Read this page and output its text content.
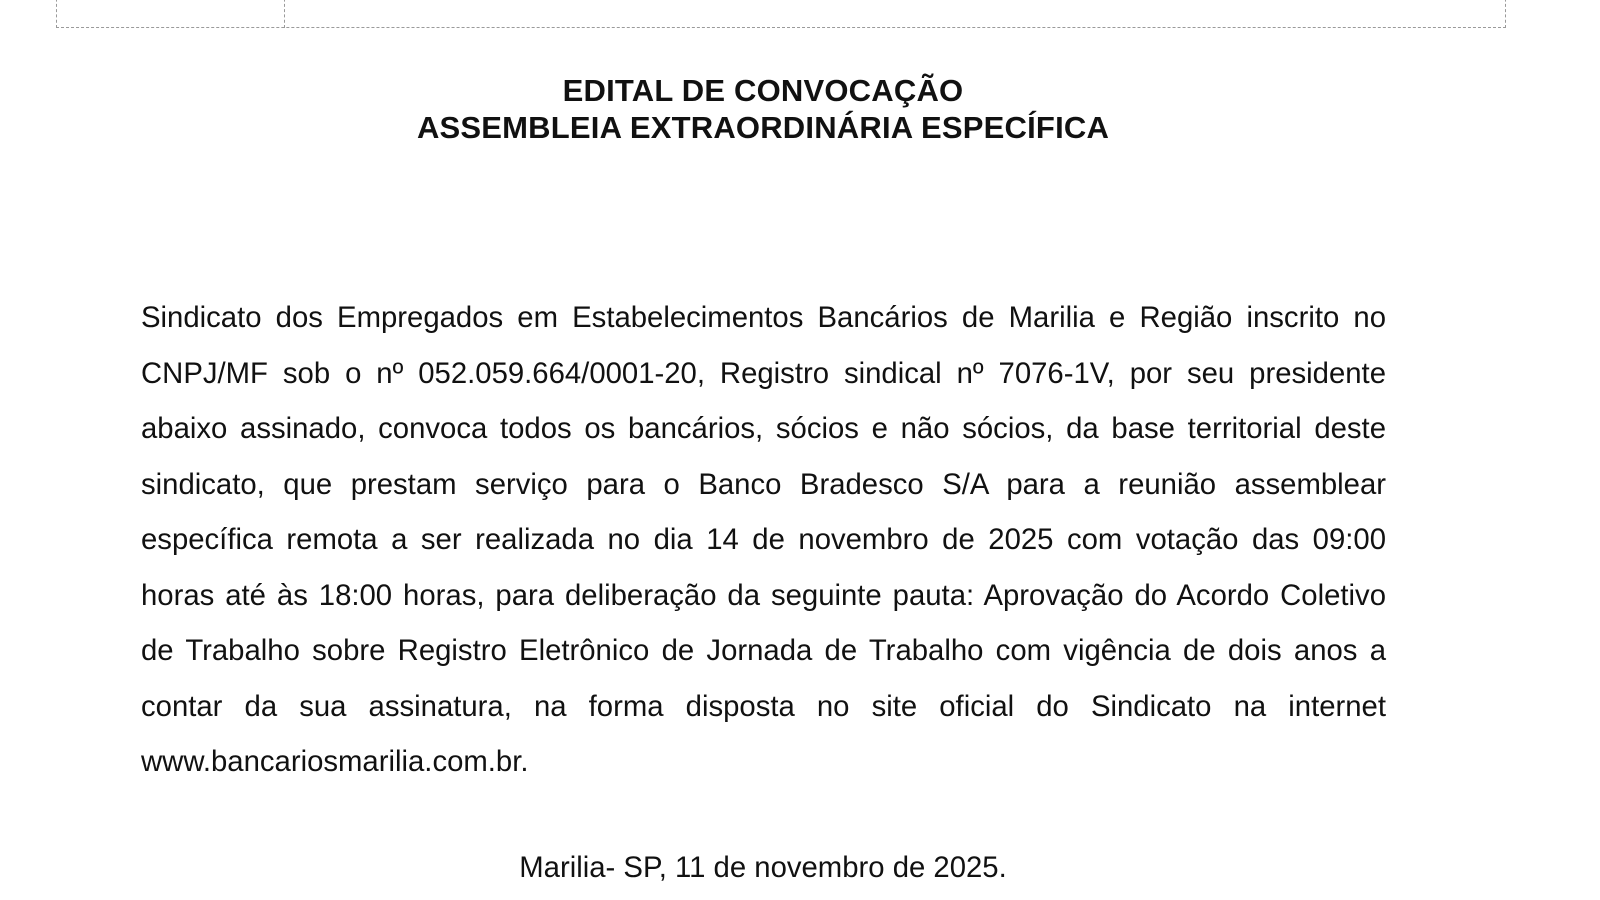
EDITAL DE CONVOCAÇÃO
ASSEMBLEIA EXTRAORDINÁRIA ESPECÍFICA

Sindicato dos Empregados em Estabelecimentos Bancários de Marilia e Região inscrito no CNPJ/MF sob o nº 052.059.664/0001-20, Registro sindical nº 7076-1V, por seu presidente abaixo assinado, convoca todos os bancários, sócios e não sócios, da base territorial deste sindicato, que prestam serviço para o Banco Bradesco S/A para a reunião assemblear específica remota a ser realizada no dia 14 de novembro de 2025 com votação das 09:00 horas até às 18:00 horas, para deliberação da seguinte pauta: Aprovação do Acordo Coletivo de Trabalho sobre Registro Eletrônico de Jornada de Trabalho com vigência de dois anos a contar da sua assinatura, na forma disposta no site oficial do Sindicato na internet www.bancariosmarilia.com.br.

Marilia- SP, 11 de novembro de 2025.
